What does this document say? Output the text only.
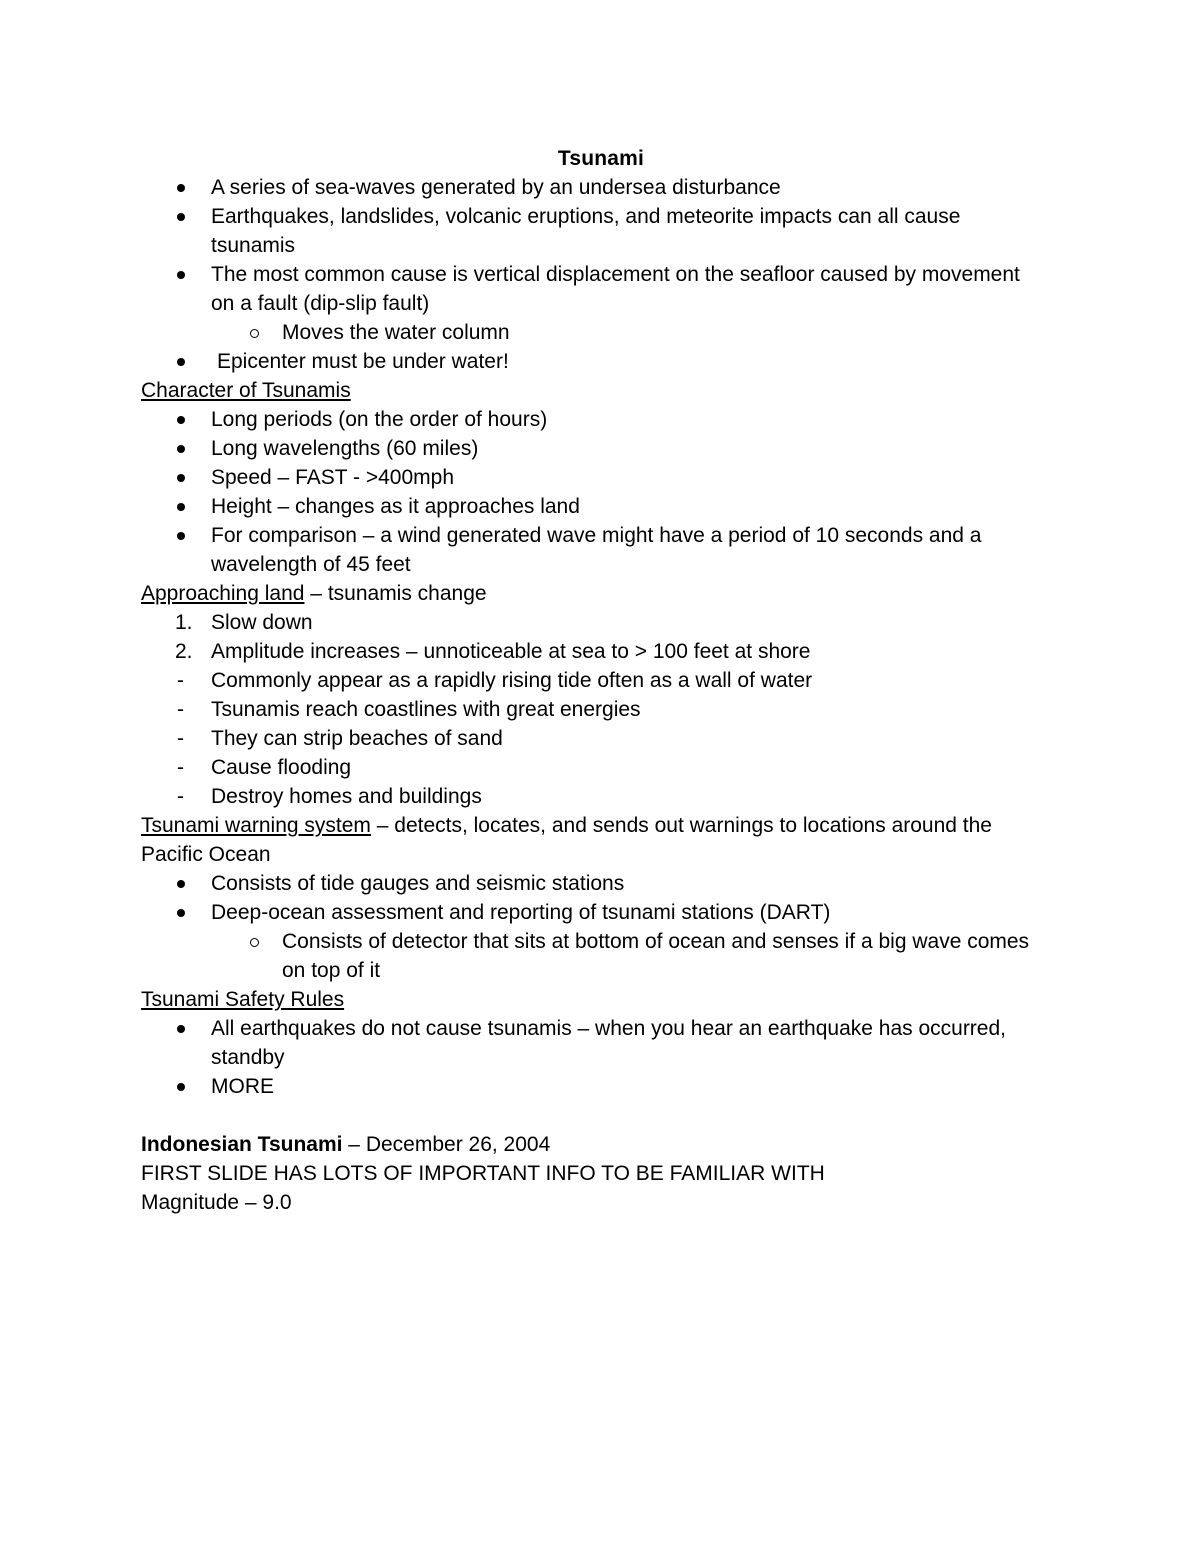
Tsunami
A series of sea-waves generated by an undersea disturbance
Earthquakes, landslides, volcanic eruptions, and meteorite impacts can all cause tsunamis
The most common cause is vertical displacement on the seafloor caused by movement on a fault (dip-slip fault)
Moves the water column
Epicenter must be under water!
Character of Tsunamis
Long periods (on the order of hours)
Long wavelengths (60 miles)
Speed – FAST - >400mph
Height – changes as it approaches land
For comparison – a wind generated wave might have a period of 10 seconds and a wavelength of 45 feet
Approaching land – tsunamis change
1. Slow down
2. Amplitude increases – unnoticeable at sea to > 100 feet at shore
-	Commonly appear as a rapidly rising tide often as a wall of water
-	Tsunamis reach coastlines with great energies
-	They can strip beaches of sand
-	Cause flooding
-	Destroy homes and buildings
Tsunami warning system – detects, locates, and sends out warnings to locations around the Pacific Ocean
Consists of tide gauges and seismic stations
Deep-ocean assessment and reporting of tsunami stations (DART)
Consists of detector that sits at bottom of ocean and senses if a big wave comes on top of it
Tsunami Safety Rules
All earthquakes do not cause tsunamis – when you hear an earthquake has occurred, standby
MORE
Indonesian Tsunami – December 26, 2004
FIRST SLIDE HAS LOTS OF IMPORTANT INFO TO BE FAMILIAR WITH
Magnitude – 9.0
